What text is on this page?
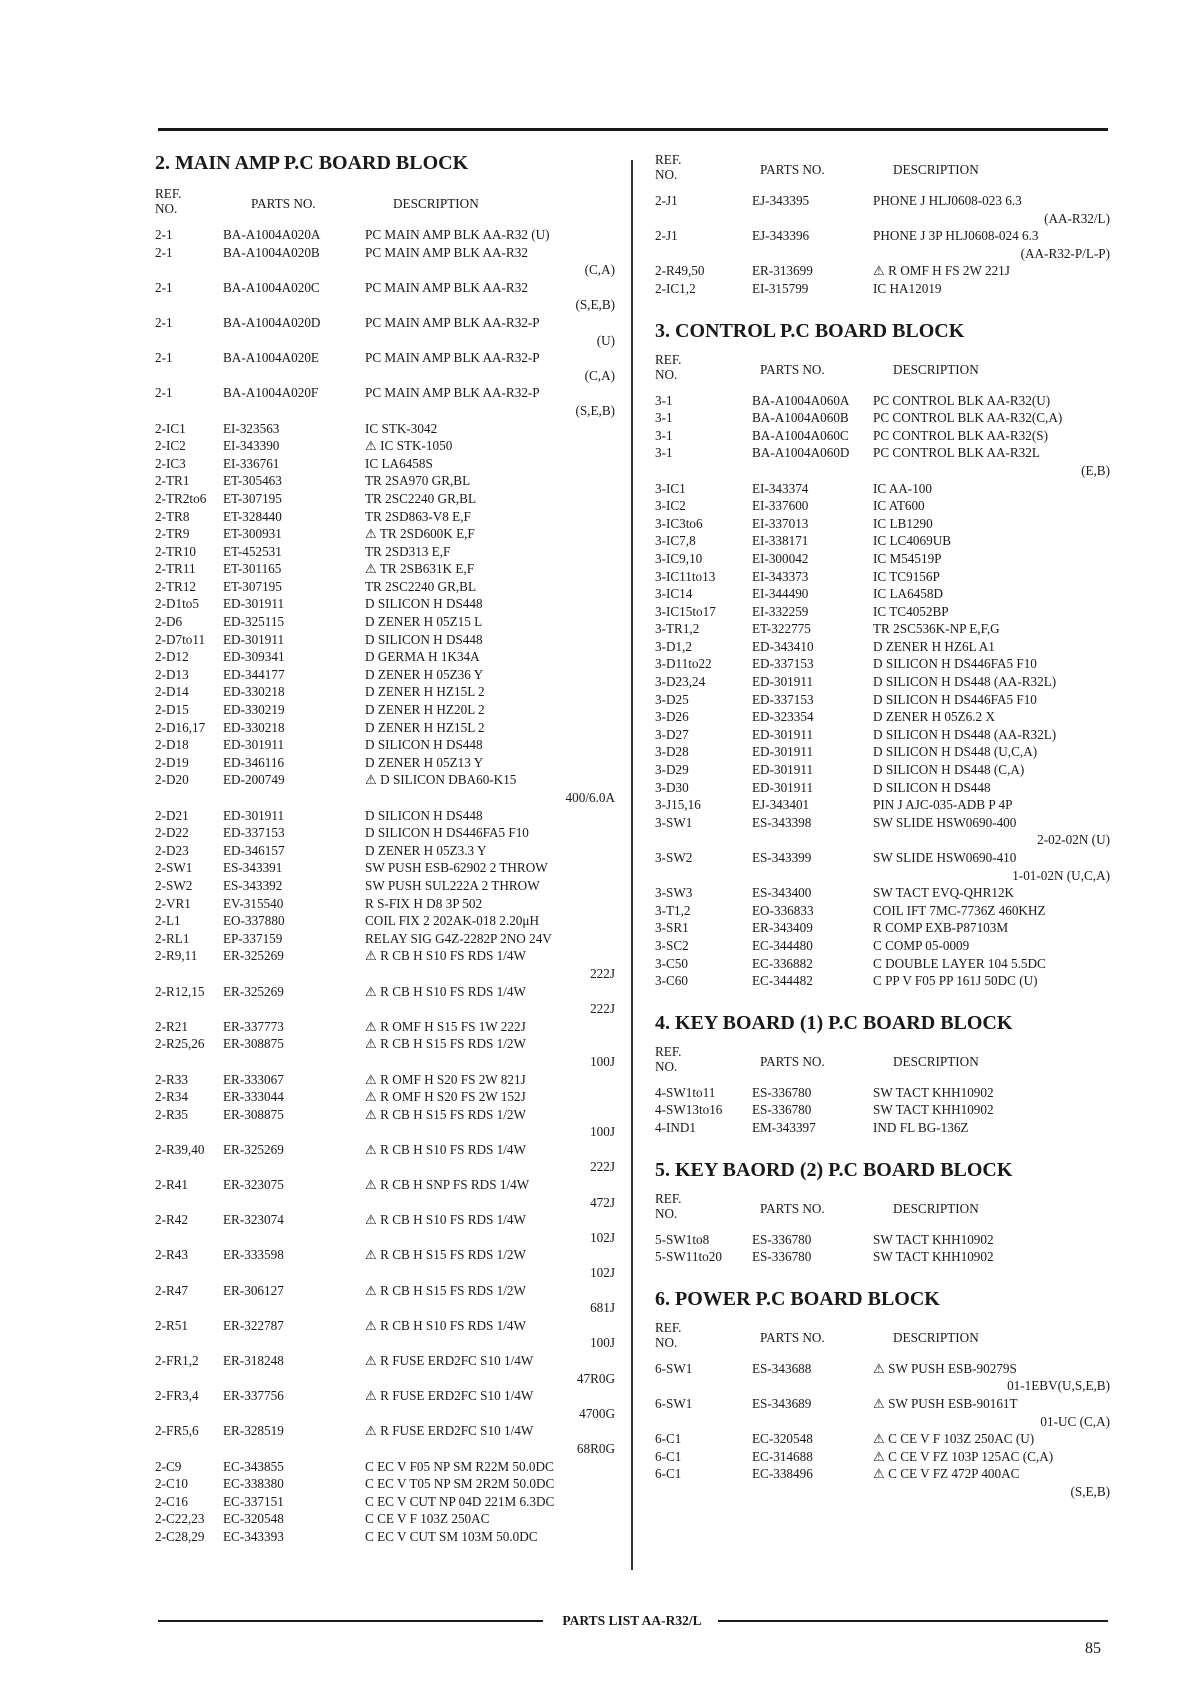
2. MAIN AMP P.C BOARD BLOCK
REF.
NO.	PARTS NO.	DESCRIPTION
2-1	BA-A1004A020A	PC MAIN AMP BLK AA-R32 (U)
2-1	BA-A1004A020B	PC MAIN AMP BLK AA-R32
(C,A)
2-1	BA-A1004A020C	PC MAIN AMP BLK AA-R32
(S,E,B)
2-1	BA-A1004A020D	PC MAIN AMP BLK AA-R32-P
(U)
2-1	BA-A1004A020E	PC MAIN AMP BLK AA-R32-P
(C,A)
2-1	BA-A1004A020F	PC MAIN AMP BLK AA-R32-P
(S,E,B)
2-IC1	EI-323563	IC STK-3042
2-IC2	EI-343390	⚠ IC STK-1050
2-IC3	EI-336761	IC LA6458S
2-TR1	ET-305463	TR 2SA970 GR,BL
2-TR2to6 ET-307195	TR 2SC2240 GR,BL
2-TR8	ET-328440	TR 2SD863-V8 E,F
2-TR9	ET-300931	⚠ TR 2SD600K E,F
2-TR10 ET-452531	TR 2SD313 E,F
2-TR11 ET-301165	⚠ TR 2SB631K E,F
2-TR12 ET-307195	TR 2SC2240 GR,BL
2-D1to5 ED-301911	D SILICON H DS448
2-D6	ED-325115	D ZENER H 05Z15 L
2-D7to11 ED-301911	D SILICON H DS448
2-D12	ED-309341	D GERMA H 1K34A
2-D13	ED-344177	D ZENER H 05Z36 Y
2-D14	ED-330218	D ZENER H HZ15L 2
2-D15	ED-330219	D ZENER H HZ20L 2
2-D16,17 ED-330218	D ZENER H HZ15L 2
2-D18	ED-301911	D SILICON H DS448
2-D19	ED-346116	D ZENER H 05Z13 Y
2-D20	ED-200749	⚠ D SILICON DBA60-K15
400/6.0A
2-D21	ED-301911	D SILICON H DS448
2-D22	ED-337153	D SILICON H DS446FA5 F10
2-D23	ED-346157	D ZENER H 05Z3.3 Y
2-SW1 ES-343391	SW PUSH ESB-62902 2 THROW
2-SW2 ES-343392	SW PUSH SUL222A 2 THROW
2-VR1 EV-315540	R S-FIX H D8 3P 502
2-L1	EO-337880	COIL FIX 2 202AK-018 2.20μH
2-RL1	EP-337159	RELAY SIG G4Z-2282P 2NO 24V
2-R9,11 ER-325269	⚠ R CB H S10 FS RDS 1/4W
222J
2-R12,15 ER-325269	⚠ R CB H S10 FS RDS 1/4W
222J
2-R21	ER-337773	⚠ R OMF H S15 FS 1W 222J
2-R25,26 ER-308875	⚠ R CB H S15 FS RDS 1/2W
100J
2-R33	ER-333067	⚠ R OMF H S20 FS 2W 821J
2-R34	ER-333044	⚠ R OMF H S20 FS 2W 152J
2-R35	ER-308875	⚠ R CB H S15 FS RDS 1/2W
100J
2-R39,40 ER-325269	⚠ R CB H S10 FS RDS 1/4W
222J
2-R41	ER-323075	⚠ R CB H SNP FS RDS 1/4W
472J
2-R42	ER-323074	⚠ R CB H S10 FS RDS 1/4W
102J
2-R43	ER-333598	⚠ R CB H S15 FS RDS 1/2W
102J
2-R47	ER-306127	⚠ R CB H S15 FS RDS 1/2W
681J
2-R51	ER-322787	⚠ R CB H S10 FS RDS 1/4W
100J
2-FR1,2 ER-318248	⚠ R FUSE ERD2FC S10 1/4W
47R0G
2-FR3,4 ER-337756	⚠ R FUSE ERD2FC S10 1/4W
4700G
2-FR5,6 ER-328519	⚠ R FUSE ERD2FC S10 1/4W
68R0G
2-C9	EC-343855	C EC V F05 NP SM R22M 50.0DC
2-C10	EC-338380	C EC V T05 NP SM 2R2M 50.0DC
2-C16	EC-337151	C EC V CUT NP 04D 221M 6.3DC
2-C22,23 EC-320548	C CE V F 103Z 250AC
2-C28,29 EC-343393	C EC V CUT SM 103M 50.0DC
REF.
NO.	PARTS NO.	DESCRIPTION
2-J1	EJ-343395	PHONE J HLJ0608-023 6.3
(AA-R32/L)
2-J1	EJ-343396	PHONE J 3P HLJ0608-024 6.3
(AA-R32-P/L-P)
2-R49,50	ER-313699	⚠ R OMF H FS 2W 221J
2-IC1,2	EI-315799	IC HA12019
3. CONTROL P.C BOARD BLOCK
REF.
NO.	PARTS NO.	DESCRIPTION
3-1	BA-A1004A060A PC CONTROL BLK AA-R32(U)
3-1	BA-A1004A060B PC CONTROL BLK AA-R32(C,A)
3-1	BA-A1004A060C PC CONTROL BLK AA-R32(S)
3-1	BA-A1004A060D PC CONTROL BLK AA-R32L
(E,B)
3-IC1	EI-343374	IC AA-100
3-IC2	EI-337600	IC AT600
3-IC3to6	EI-337013	IC LB1290
3-IC7,8	EI-338171	IC LC4069UB
3-IC9,10	EI-300042	IC M54519P
3-IC11to13	EI-343373	IC TC9156P
3-IC14	EI-344490	IC LA6458D
3-IC15to17	EI-332259	IC TC4052BP
3-TR1,2	ET-322775	TR 2SC536K-NP E,F,G
3-D1,2	ED-343410	D ZENER H HZ6L A1
3-D11to22	ED-337153	D SILICON H DS446FA5 F10
3-D23,24	ED-301911	D SILICON H DS448 (AA-R32L)
3-D25	ED-337153	D SILICON H DS446FA5 F10
3-D26	ED-323354	D ZENER H 05Z6.2 X
3-D27	ED-301911	D SILICON H DS448 (AA-R32L)
3-D28	ED-301911	D SILICON H DS448 (U,C,A)
3-D29	ED-301911	D SILICON H DS448 (C,A)
3-D30	ED-301911	D SILICON H DS448
3-J15,16	EJ-343401	PIN J AJC-035-ADB P 4P
3-SW1	ES-343398	SW SLIDE HSW0690-400
2-02-02N (U)
3-SW2	ES-343399	SW SLIDE HSW0690-410
1-01-02N (U,C,A)
3-SW3	ES-343400	SW TACT EVQ-QHR12K
3-T1,2	EO-336833	COIL IFT 7MC-7736Z 460KHZ
3-SR1	ER-343409	R COMP EXB-P87103M
3-SC2	EC-344480	C COMP 05-0009
3-C50	EC-336882	C DOUBLE LAYER 104 5.5DC
3-C60	EC-344482	C PP V F05 PP 161J 50DC (U)
4. KEY BOARD (1) P.C BOARD BLOCK
REF.
NO.	PARTS NO.	DESCRIPTION
4-SW1to11	ES-336780	SW TACT KHH10902
4-SW13to16 ES-336780	SW TACT KHH10902
4-IND1	EM-343397	IND FL BG-136Z
5. KEY BAORD (2) P.C BOARD BLOCK
REF.
NO.	PARTS NO.	DESCRIPTION
5-SW1to8	ES-336780	SW TACT KHH10902
5-SW11to20 ES-336780	SW TACT KHH10902
6. POWER P.C BOARD BLOCK
REF.
NO.	PARTS NO.	DESCRIPTION
6-SW1	ES-343688	⚠ SW PUSH ESB-90279S
01-1EBV(U,S,E,B)
6-SW1	ES-343689	⚠ SW PUSH ESB-90161T
01-UC (C,A)
6-C1	EC-320548	⚠ C CE V F 103Z 250AC (U)
6-C1	EC-314688	⚠ C CE V FZ 103P 125AC (C,A)
6-C1	EC-338496	⚠ C CE V FZ 472P 400AC
(S,E,B)
PARTS LIST AA-R32/L
85
